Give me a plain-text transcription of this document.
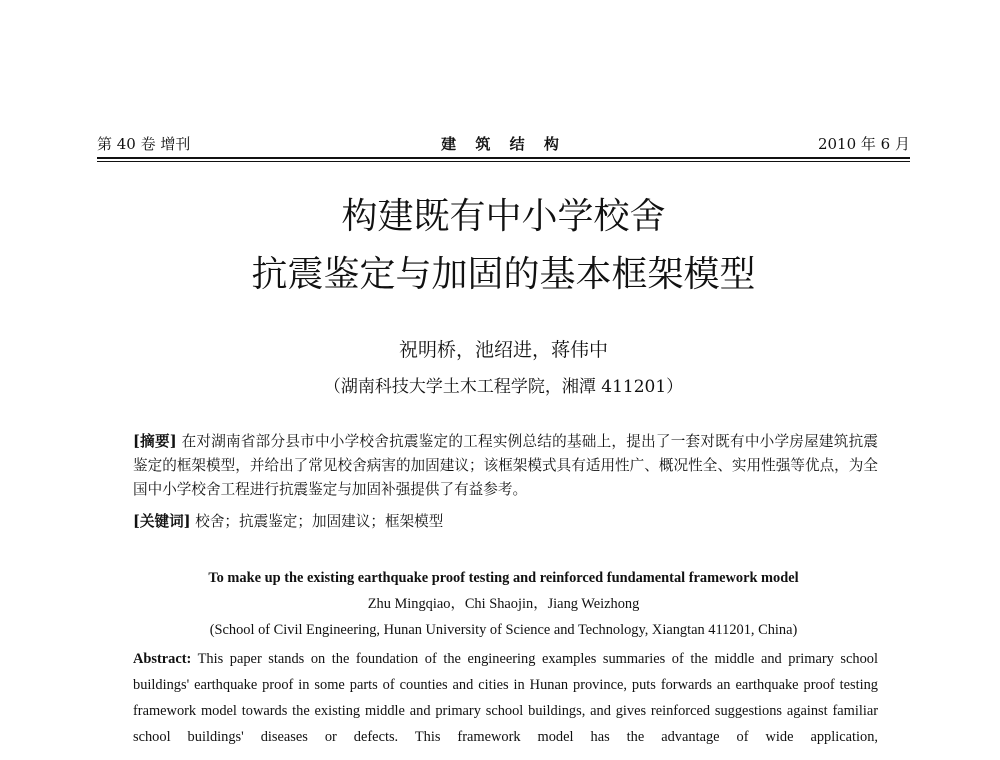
第 40 卷 增刊	建 筑 结 构	2010 年 6 月
构建既有中小学校舍
抗震鉴定与加固的基本框架模型
祝明桥，池绍进，蒋伟中
（湖南科技大学土木工程学院，湘潭 411201）
[摘要] 在对湖南省部分县市中小学校舍抗震鉴定的工程实例总结的基础上，提出了一套对既有中小学房屋建筑抗震鉴定的框架模型，并给出了常见校舍病害的加固建议；该框架模式具有适用性广、概况性全、实用性强等优点，为全国中小学校舍工程进行抗震鉴定与加固补强提供了有益参考。
[关键词] 校舍；抗震鉴定；加固建议；框架模型
To make up the existing earthquake proof testing and reinforced fundamental framework model
Zhu Mingqiao，Chi Shaojin，Jiang Weizhong
(School of Civil Engineering, Hunan University of Science and Technology, Xiangtan 411201, China)
Abstract: This paper stands on the foundation of the engineering examples summaries of the middle and primary school buildings' earthquake proof in some parts of counties and cities in Hunan province, puts forwards an earthquake proof testing framework model towards the existing middle and primary school buildings, and gives reinforced suggestions against familiar school buildings' diseases or defects. This framework model has the advantage of wide application,
